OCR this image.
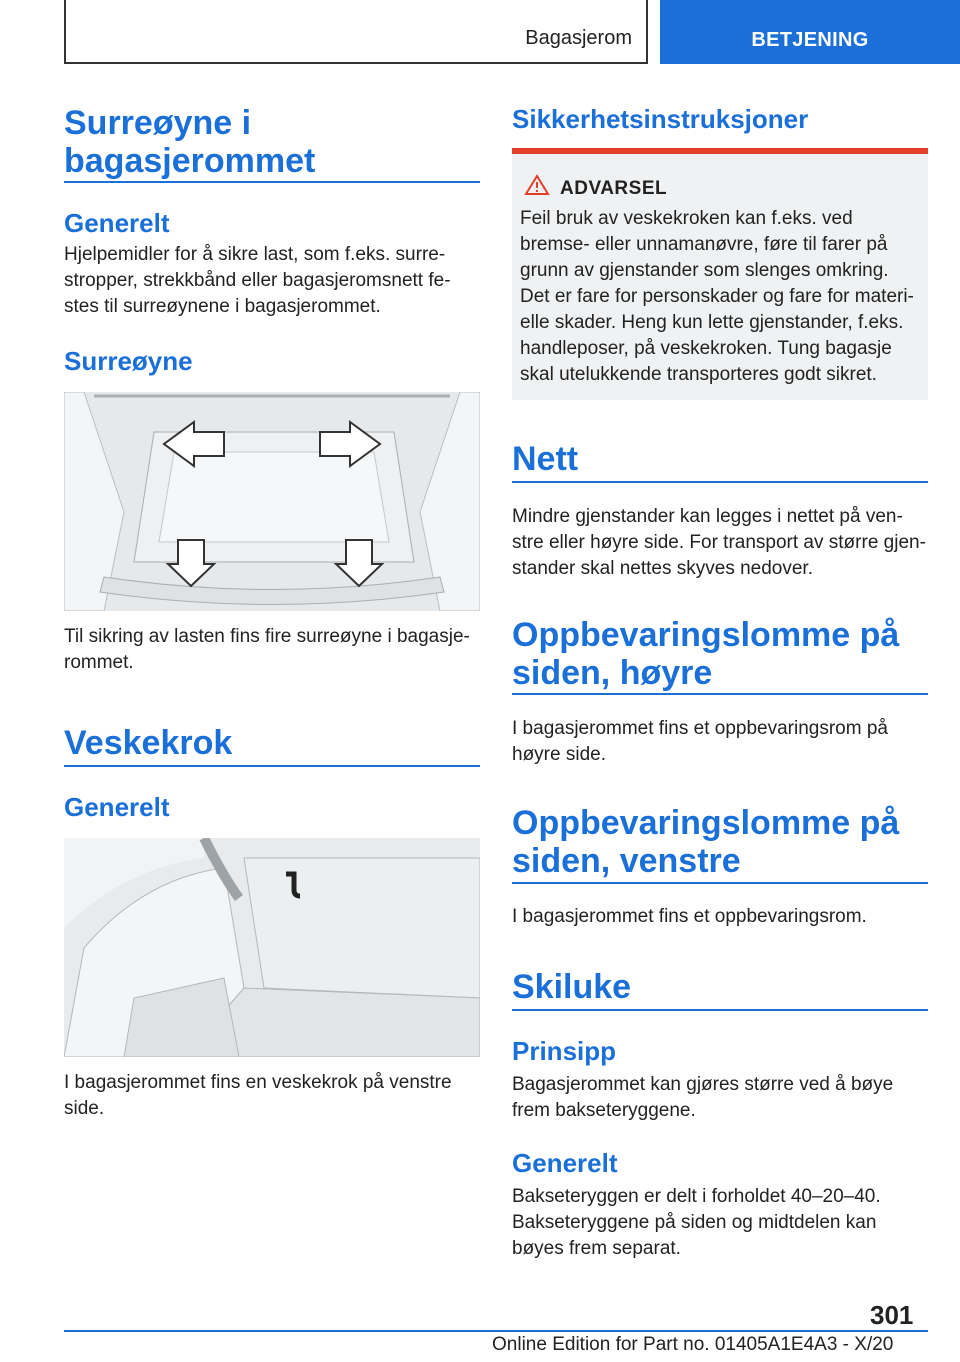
Bagasjerom	BETJENING
Surreøyne i
bagasjerommet
Generelt
Hjelpemidler for å sikre last, som f.eks. surre-
stropper, strekkbånd eller bagasjeromsnett fe-
stes til surreøynene i bagasjerommet.
Surreøyne
Til sikring av lasten fins fire surreøyne i bagasje-
rommet.
Veskekrok
Generelt
I bagasjerommet fins en veskekrok på venstre
side.
Sikkerhetsinstruksjoner
ADVARSEL
Feil bruk av veskekroken kan f.eks. ved
bremse- eller unnamanøvre, føre til farer på
grunn av gjenstander som slenges omkring.
Det er fare for personskader og fare for materi-
elle skader. Heng kun lette gjenstander, f.eks.
handleposer, på veskekroken. Tung bagasje
skal utelukkende transporteres godt sikret.
Nett
Mindre gjenstander kan legges i nettet på ven-
stre eller høyre side. For transport av større gjen-
stander skal nettes skyves nedover.
Oppbevaringslomme på
siden, høyre
I bagasjerommet fins et oppbevaringsrom på
høyre side.
Oppbevaringslomme på
siden, venstre
I bagasjerommet fins et oppbevaringsrom.
Skiluke
Prinsipp
Bagasjerommet kan gjøres større ved å bøye
frem bakseteryggene.
Generelt
Bakseteryggen er delt i forholdet 40–20–40.
Bakseteryggene på siden og midtdelen kan
bøyes frem separat.
301
Online Edition for Part no. 01405A1E4A3 - X/20
